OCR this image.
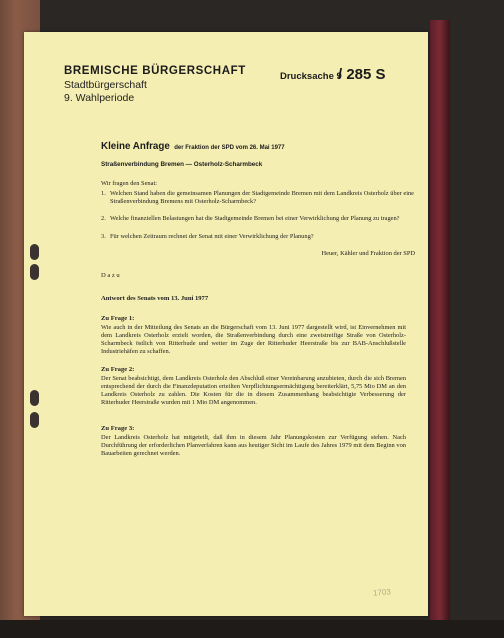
BREMISCHE BÜRGERSCHAFT
Stadtbürgerschaft
9. Wahlperiode
Drucksache 9
/ 285 S
Kleine Anfrage der Fraktion der SPD vom 26. Mai 1977
Straßenverbindung Bremen — Osterholz-Scharmbeck
Wir fragen den Senat:
1. Welchen Stand haben die gemeinsamen Planungen der Stadtgemeinde Bremen mit dem Landkreis Osterholz über eine Straßenverbindung Bremens mit Osterholz-Scharmbeck?
2. Welche finanziellen Belastungen hat die Stadtgemeinde Bremen bei einer Verwirklichung der Planung zu tragen?
3. Für welchen Zeitraum rechnet der Senat mit einer Verwirklichung der Planung?
Heuer, Kähler und Fraktion der SPD
Dazu
Antwort des Senats vom 13. Juni 1977
Zu Frage 1:
Wie auch in der Mitteilung des Senats an die Bürgerschaft vom 13. Juni 1977 dargestellt wird, ist Einvernehmen mit dem Landkreis Osterholz erzielt worden, die Straßenverbindung durch eine zweistreifige Straße von Osterholz-Scharmbeck östlich von Ritterhude und weiter im Zuge der Ritterhuder Heerstraße bis zur BAB-Anschlußstelle Industriehäfen zu schaffen.
Zu Frage 2:
Der Senat beabsichtigt, dem Landkreis Osterholz den Abschluß einer Vereinbarung anzubieten, durch die sich Bremen entsprechend der durch die Finanzdeputation erteilten Verpflichtungsermächtigung bereiterklärt, 5,75 Mio DM an den Landkreis Osterholz zu zahlen. Die Kosten für die in diesem Zusammenhang beabsichtigte Verbesserung der Ritterhuder Heerstraße wurden mit 1 Mio DM angenommen.
Zu Frage 3:
Der Landkreis Osterholz hat mitgeteilt, daß ihm in diesem Jahr Planungskosten zur Verfügung stehen. Nach Durchführung der erforderlichen Planverfahren kann aus heutiger Sicht im Laufe des Jahres 1979 mit dem Beginn von Bauarbeiten gerechnet werden.
1703
